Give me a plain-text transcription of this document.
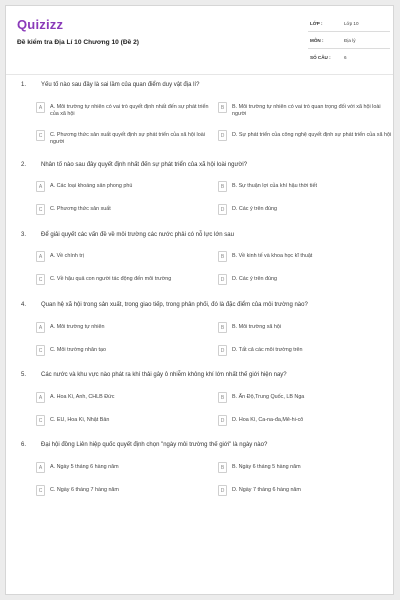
Quizizz
Đề kiểm tra Địa Lí 10 Chương 10 (Đề 2)
LỚP :	Lớp 10
MÔN :	Địa lý
SỐ CÂU :	6
1. Yếu tố nào sau đây là sai lầm của quan điểm duy vật địa lí?
A	A. Môi trường tự nhiên có vai trò quyết định nhất đến sự phát triển của xã hội
B	B. Môi trường tự nhiên có vai trò quan trọng đối với xã hội loài người
C	C. Phương thức sản xuất quyết định sự phát triển của xã hội loài người
D	D. Sự phát triển của công nghệ quyết định sự phát triển của xã hội
2. Nhân tố nào sau đây quyết định nhất đến sự phát triển của xã hội loài người?
A	A. Các loại khoáng sản phong phú	B	B. Sự thuận lợi của khí hậu thời tiết
C	C. Phương thức sản xuất	D	D. Các ý trên đúng
3. Để giải quyết các vấn đề về môi trường các nước phải có nỗ lực lớn sau
A	A. Về chính trị	B	B. Về kinh tế và khoa học kĩ thuật
C	C. Về hậu quả con người tác động đến môi trường	D	D. Các ý trên đúng
4. Quan hệ xã hội trong sản xuất, trong giao tiếp, trong phân phối, đó là đặc điểm của môi trường nào?
A	A. Môi trường tự nhiên	B	B. Môi trường xã hội
C	C. Môi trường nhân tạo	D	D. Tất cả các môi trường trên
5. Các nước và khu vực nào phát ra khí thải gây ô nhiễm không khí lớn nhất thế giới hiện nay?
A	A. Hoa Kì, Anh, CHLB Đức	B	B. Ấn Độ,Trung Quốc, LB Nga
C	C. EU, Hoa Kì, Nhật Bản	D	D. Hoa Kì, Ca-na-đa,Mê-hi-cô
6. Đại hội đồng Liên hiệp quốc quyết định chọn "ngày môi trường thế giới" là ngày nào?
A	A. Ngày 5 tháng 6 hàng năm	B	B. Ngày 6 tháng 5 hàng năm
C	C. Ngày 6 tháng 7 hàng năm	D	D. Ngày 7 tháng 6 hàng năm
